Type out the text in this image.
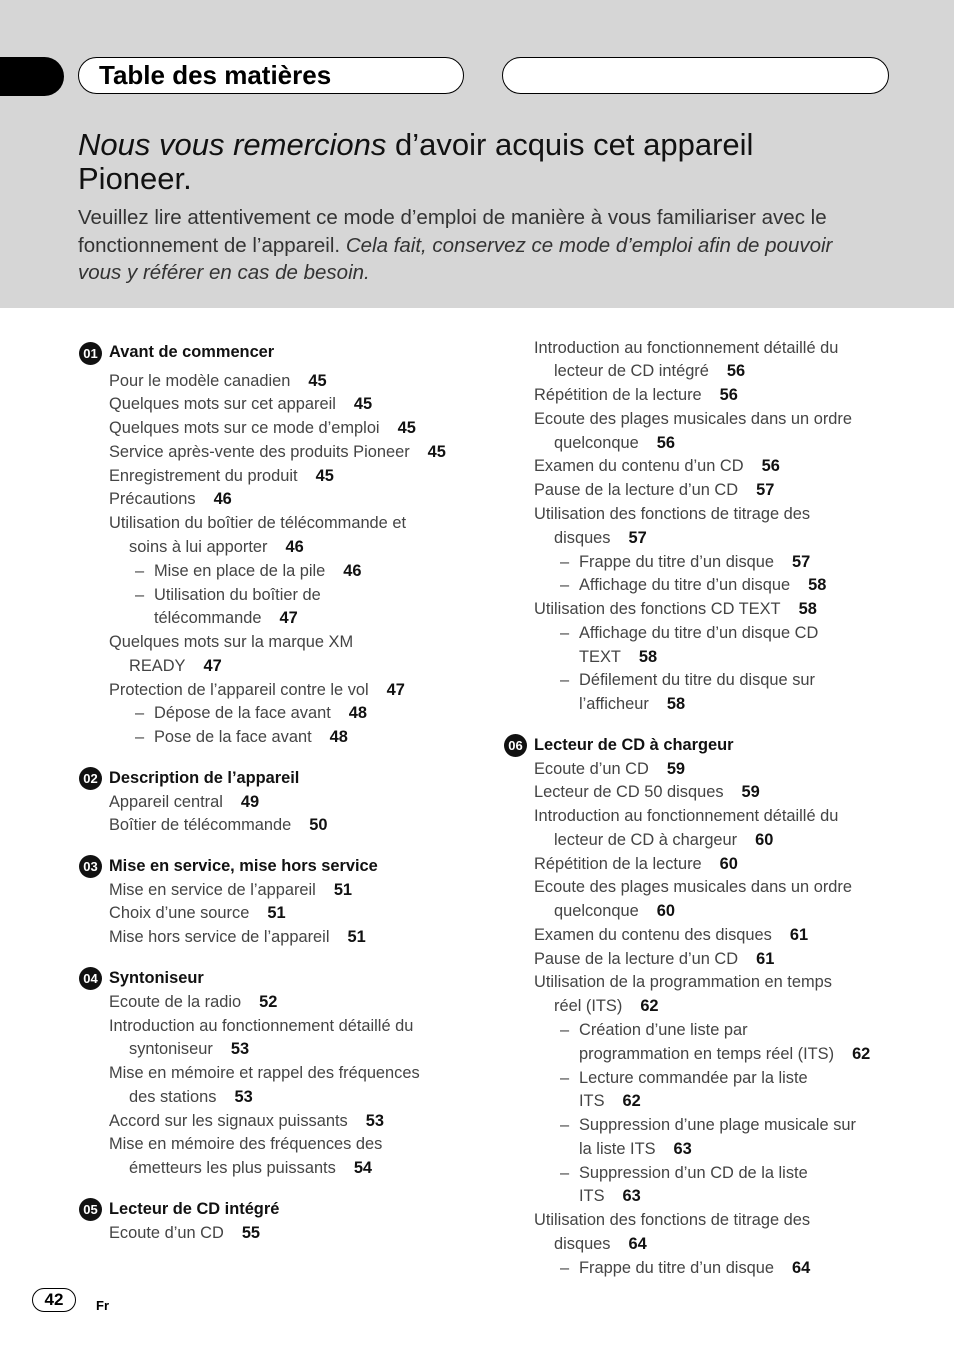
Table des matières
Nous vous remercions d’avoir acquis cet appareil
Pioneer.
Veuillez lire attentivement ce mode d’emploi de manière à vous familiariser avec le
fonctionnement de l’appareil. Cela fait, conservez ce mode d’emploi afin de pouvoir
vous y référer en cas de besoin.
01 Avant de commencer
Pour le modèle canadien 45
Quelques mots sur cet appareil 45
Quelques mots sur ce mode d’emploi 45
Service après-vente des produits Pioneer 45
Enregistrement du produit 45
Précautions 46
Utilisation du boîtier de télécommande et
soins à lui apporter 46
– Mise en place de la pile 46
– Utilisation du boîtier de
télécommande 47
Quelques mots sur la marque XM
READY 47
Protection de l’appareil contre le vol 47
– Dépose de la face avant 48
– Pose de la face avant 48
02 Description de l’appareil
Appareil central 49
Boîtier de télécommande 50
03 Mise en service, mise hors service
Mise en service de l’appareil 51
Choix d’une source 51
Mise hors service de l’appareil 51
04 Syntoniseur
Ecoute de la radio 52
Introduction au fonctionnement détaillé du
syntoniseur 53
Mise en mémoire et rappel des fréquences
des stations 53
Accord sur les signaux puissants 53
Mise en mémoire des fréquences des
émetteurs les plus puissants 54
05 Lecteur de CD intégré
Ecoute d’un CD 55
Introduction au fonctionnement détaillé du
lecteur de CD intégré 56
Répétition de la lecture 56
Ecoute des plages musicales dans un ordre
quelconque 56
Examen du contenu d’un CD 56
Pause de la lecture d’un CD 57
Utilisation des fonctions de titrage des
disques 57
– Frappe du titre d’un disque 57
– Affichage du titre d’un disque 58
Utilisation des fonctions CD TEXT 58
– Affichage du titre d’un disque CD
TEXT 58
– Défilement du titre du disque sur
l’afficheur 58
06 Lecteur de CD à chargeur
Ecoute d’un CD 59
Lecteur de CD 50 disques 59
Introduction au fonctionnement détaillé du
lecteur de CD à chargeur 60
Répétition de la lecture 60
Ecoute des plages musicales dans un ordre
quelconque 60
Examen du contenu des disques 61
Pause de la lecture d’un CD 61
Utilisation de la programmation en temps
réel (ITS) 62
– Création d’une liste par
programmation en temps réel (ITS) 62
– Lecture commandée par la liste
ITS 62
– Suppression d’une plage musicale sur
la liste ITS 63
– Suppression d’un CD de la liste
ITS 63
Utilisation des fonctions de titrage des
disques 64
– Frappe du titre d’un disque 64
42	Fr
